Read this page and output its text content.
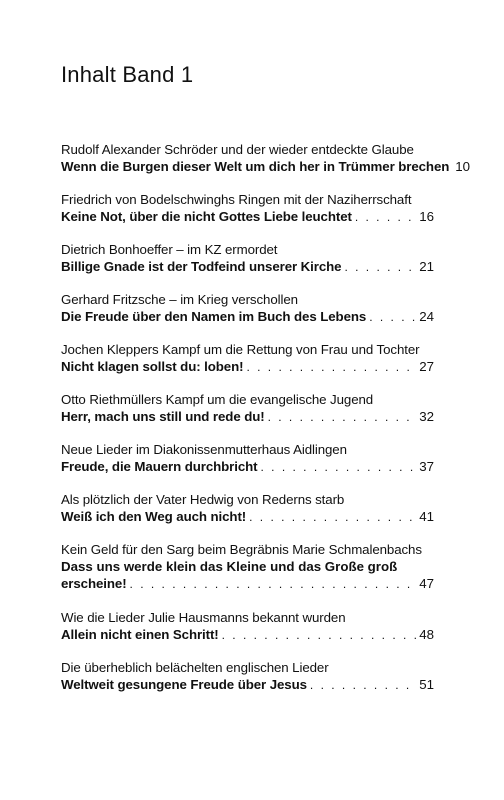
Inhalt Band 1
Rudolf Alexander Schröder und der wieder entdeckte Glaube
Wenn die Burgen dieser Welt um dich her in Trümmer brechen 10
Friedrich von Bodelschwinghs Ringen mit der Naziherrschaft
Keine Not, über die nicht Gottes Liebe leuchtet . . .	16
Dietrich Bonhoeffer – im KZ ermordet
Billige Gnade ist der Todfeind unserer Kirche . . .	21
Gerhard Fritzsche – im Krieg verschollen
Die Freude über den Namen im Buch des Lebens . . .	24
Jochen Kleppers Kampf um die Rettung von Frau und Tochter
Nicht klagen sollst du: loben! . . .	27
Otto Riethmüllers Kampf um die evangelische Jugend
Herr, mach uns still und rede du! . . .	32
Neue Lieder im Diakonissenmutterhaus Aidlingen
Freude, die Mauern durchbricht . . .	37
Als plötzlich der Vater Hedwig von Rederns starb
Weiß ich den Weg auch nicht! . . .	41
Kein Geld für den Sarg beim Begräbnis Marie Schmalenbachs
Dass uns werde klein das Kleine und das Große groß
erscheine! . . .	47
Wie die Lieder Julie Hausmanns bekannt wurden
Allein nicht einen Schritt! . . .	48
Die überheblich belächelten englischen Lieder
Weltweit gesungene Freude über Jesus . . .	51
